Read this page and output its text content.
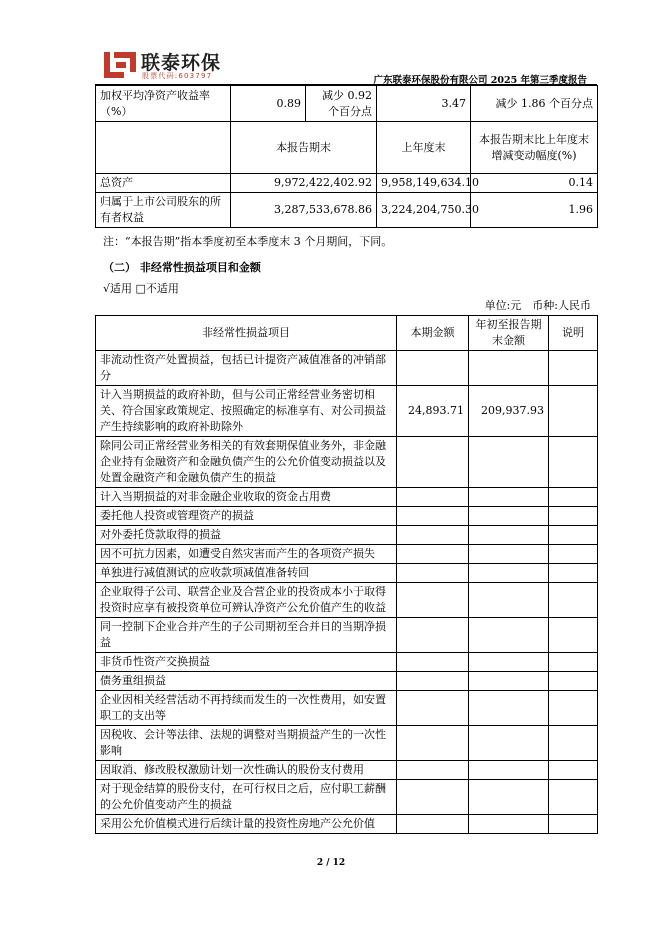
联泰环保
股票代码:603797	广东联泰环保股份有限公司 2025 年第三季度报告
加权平均净资产收益率（%）	0.89	减少 0.92 个百分点	3.47	减少 1.86 个百分点
	本报告期末		上年度末	本报告期末比上年度末增减变动幅度(%)
总资产	9,972,422,402.92		9,958,149,634.10	0.14
归属于上市公司股东的所有者权益	3,287,533,678.86		3,224,204,750.30	1.96
注：“本报告期”指本季度初至本季度末 3 个月期间，下同。
（二） 非经常性损益项目和金额
√适用 □不适用
单位:元　币种:人民币
非经常性损益项目	本期金额	年初至报告期末金额	说明
非流动性资产处置损益，包括已计提资产减值准备的冲销部分			
计入当期损益的政府补助，但与公司正常经营业务密切相关、符合国家政策规定、按照确定的标准享有、对公司损益产生持续影响的政府补助除外	24,893.71	209,937.93	
除同公司正常经营业务相关的有效套期保值业务外，非金融企业持有金融资产和金融负债产生的公允价值变动损益以及处置金融资产和金融负债产生的损益			
计入当期损益的对非金融企业收取的资金占用费			
委托他人投资或管理资产的损益			
对外委托贷款取得的损益			
因不可抗力因素，如遭受自然灾害而产生的各项资产损失			
单独进行减值测试的应收款项减值准备转回			
企业取得子公司、联营企业及合营企业的投资成本小于取得投资时应享有被投资单位可辨认净资产公允价值产生的收益			
同一控制下企业合并产生的子公司期初至合并日的当期净损益			
非货币性资产交换损益			
债务重组损益			
企业因相关经营活动不再持续而发生的一次性费用，如安置职工的支出等			
因税收、会计等法律、法规的调整对当期损益产生的一次性影响			
因取消、修改股权激励计划一次性确认的股份支付费用			
对于现金结算的股份支付，在可行权日之后，应付职工薪酬的公允价值变动产生的损益			
采用公允价值模式进行后续计量的投资性房地产公允价值			
2 / 12
